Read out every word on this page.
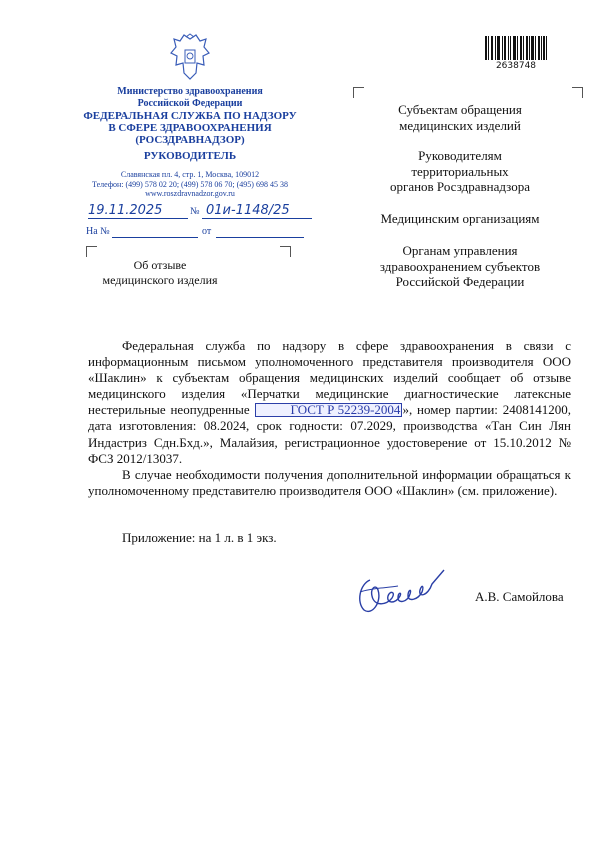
Министерство здравоохранения
Российской Федерации
ФЕДЕРАЛЬНАЯ СЛУЖБА ПО НАДЗОРУ
В СФЕРЕ ЗДРАВООХРАНЕНИЯ
(РОСЗДРАВНАДЗОР)
РУКОВОДИТЕЛЬ
Славянская пл. 4, стр. 1, Москва, 109012
Телефон: (499) 578 02 20; (499) 578 06 70; (495) 698 45 38
www.roszdravnadzor.gov.ru
19.11.2025	№ 01и-1148/25
На №	от
Об отзыве
медицинского изделия
2638748
Субъектам обращения
медицинских изделий
Руководителям
территориальных
органов Росздравнадзора
Медицинским организациям
Органам управления
здравоохранением субъектов
Российской Федерации

Федеральная служба по надзору в сфере здравоохранения в связи с информационным письмом уполномоченного представителя производителя ООО «Шаклин» к субъектам обращения медицинских изделий сообщает об отзыве медицинского изделия «Перчатки медицинские диагностические латексные нестерильные неопудренные	ГОСТ Р 52239-2004 », номер партии: 2408141200, дата изготовления: 08.2024, срок годности: 07.2029, производства «Тан Син Лян Индастриз Сдн.Бхд.», Малайзия, регистрационное удостоверение от 15.10.2012 № ФСЗ 2012/13037.

В случае необходимости получения дополнительной информации обращаться к уполномоченному представителю производителя ООО «Шаклин» (см. приложение).

Приложение: на 1 л. в 1 экз.
А.В. Самойлова
